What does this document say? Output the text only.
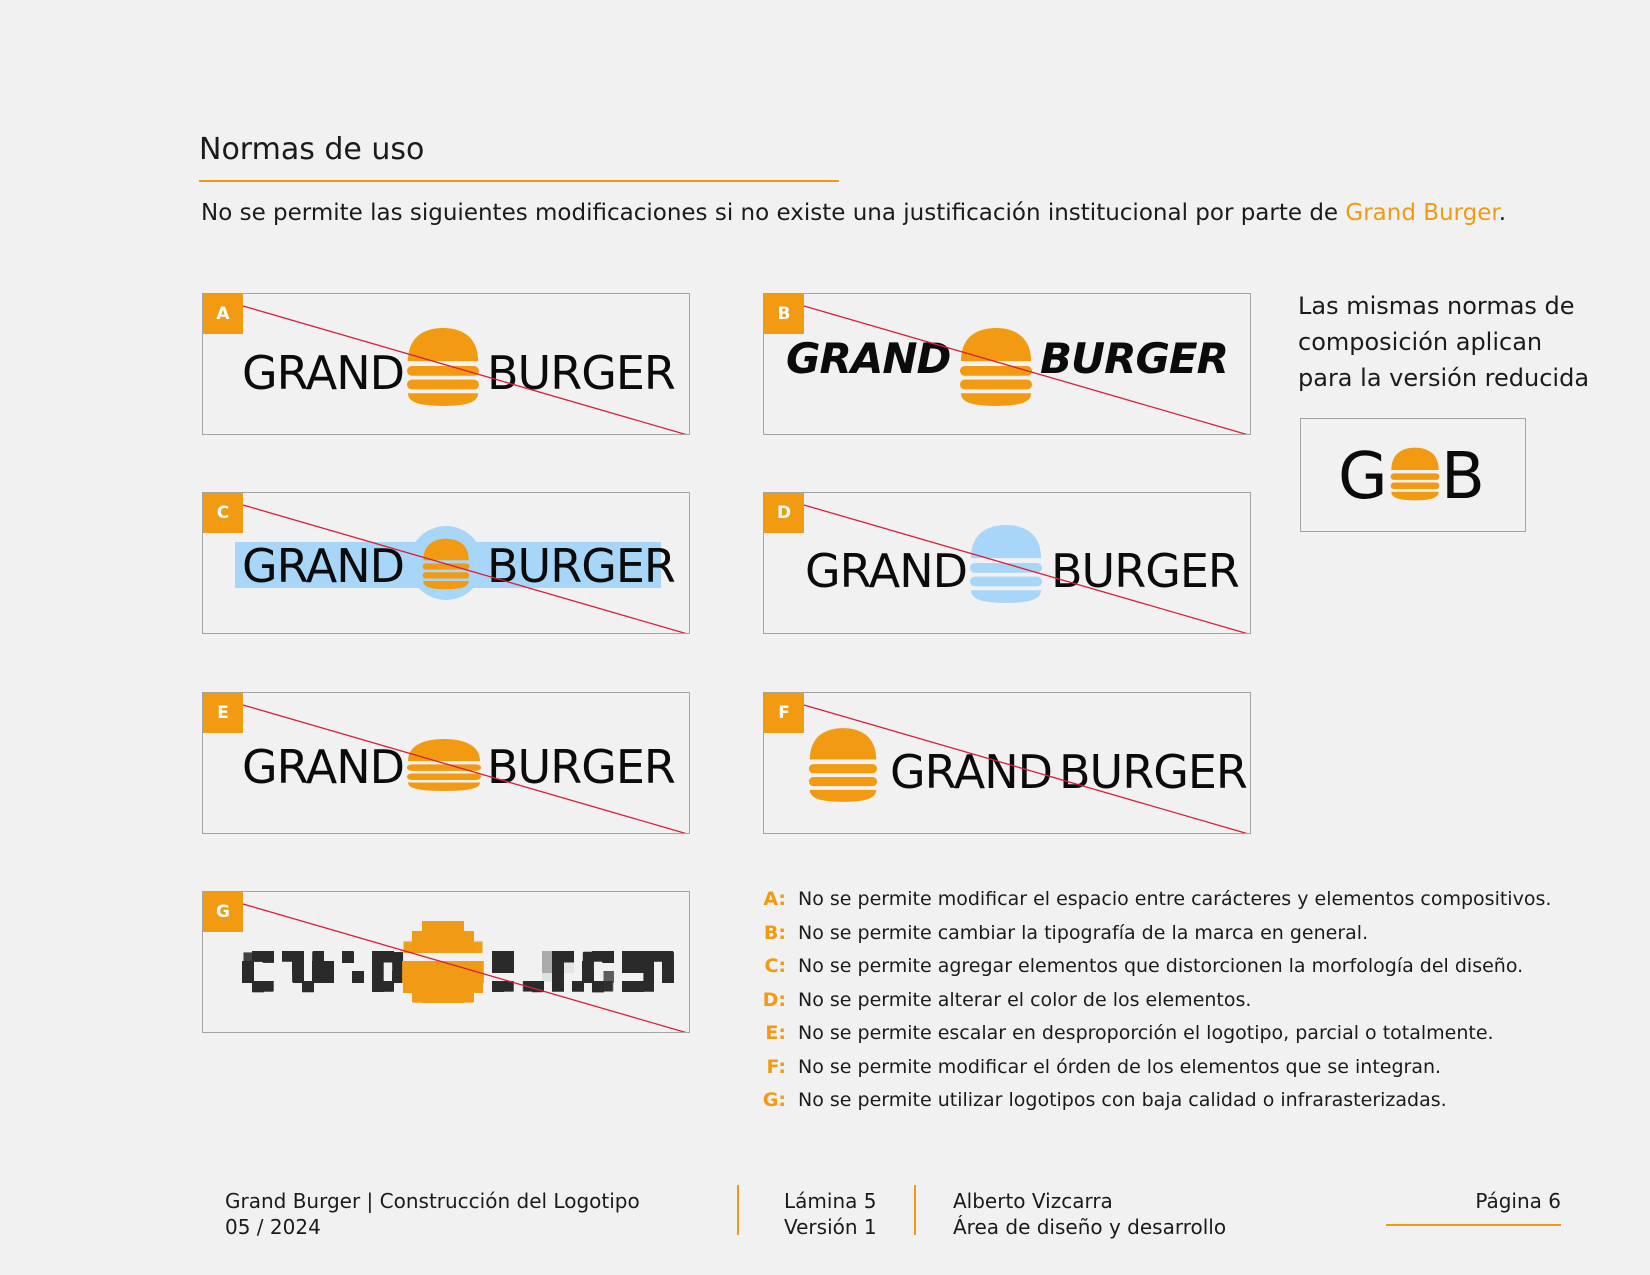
Normas de uso
No se permite las siguientes modificaciones si no existe una justificación institucional por parte de Grand Burger.
A
GRAND BURGER
B
GRAND BURGER
C
GRAND BURGER
D
GRAND BURGER
E
GRAND BURGER
F
GRAND BURGER
G
GRAND BURGER
Las mismas normas de
composición aplican
para la versión reducida
G B
A: No se permite modificar el espacio entre carácteres y elementos compositivos.
B: No se permite cambiar la tipografía de la marca en general.
C: No se permite agregar elementos que distorcionen la morfología del diseño.
D: No se permite alterar el color de los elementos.
E: No se permite escalar en desproporción el logotipo, parcial o totalmente.
F: No se permite modificar el órden de los elementos que se integran.
G: No se permite utilizar logotipos con baja calidad o infrarasterizadas.
Grand Burger | Construcción del Logotipo
05 / 2024
Lámina 5
Versión 1
Alberto Vizcarra
Área de diseño y desarrollo
Página 6
